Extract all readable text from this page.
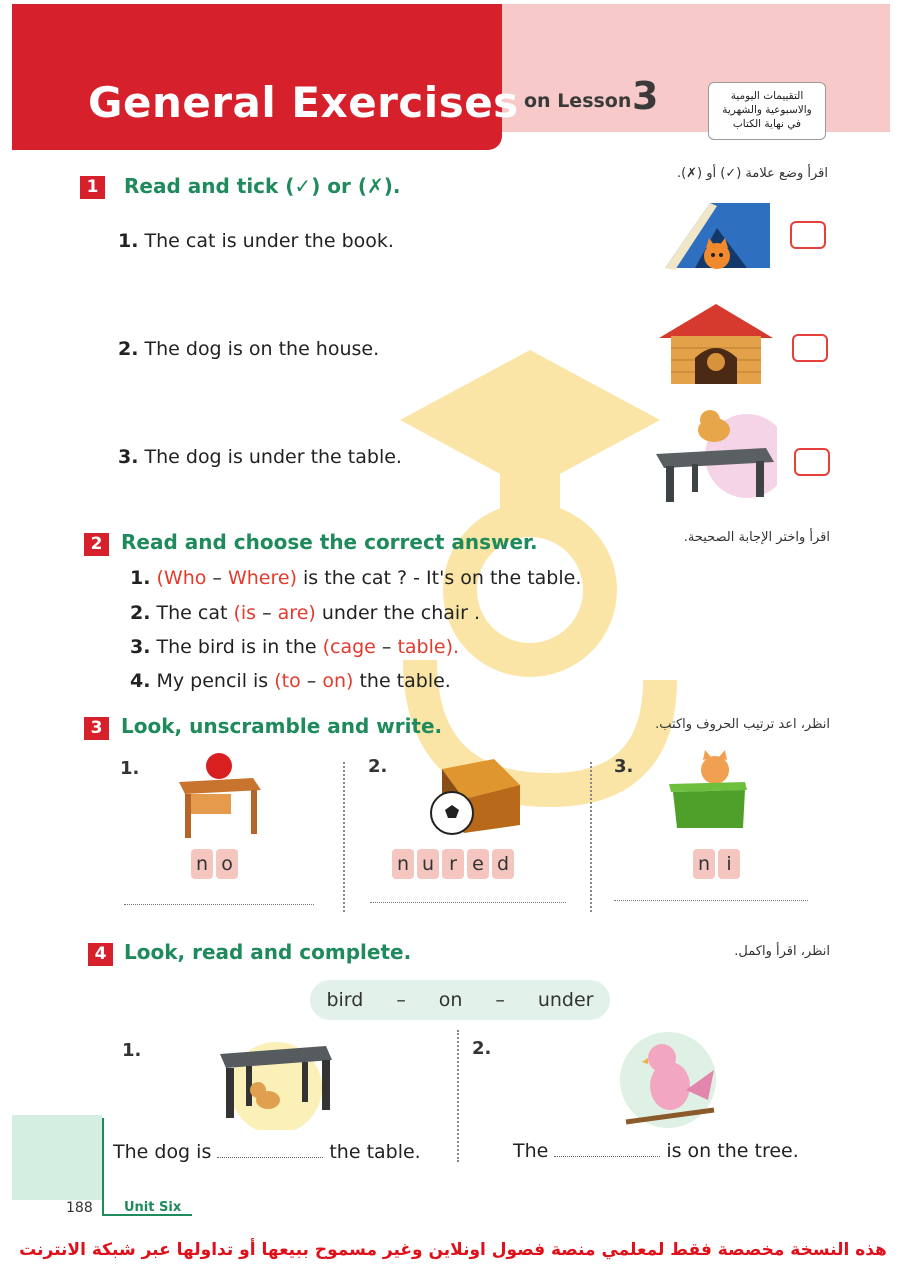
General Exercises on Lesson 3	التقييمات اليومية
والاسبوعية والشهرية
في نهاية الكتاب
1	Read and tick (✓) or (✗).
اقرأ وضع علامة (✓) أو (✗).
1. The cat is under the book.
2. The dog is on the house.
3. The dog is under the table.
2 Read and choose the correct answer.	اقرأ واختر الإجابة الصحيحة.
1. (Who – Where) is the cat ? - It's on the table.
2. The cat (is – are) under the chair .
3. The bird is in the (cage – table).
4. My pencil is (to – on) the table.
3 Look, unscramble and write.	انظر، اعد ترتيب الحروف واكتب.
1.	2.	3.
n o	n u r e d	n i
4 Look, read and complete.	انظر، اقرأ واكمل.
bird – on – under
1.	2.
The dog is	the table.	The	is on the tree.
188 Unit Six
هذه النسخة مخصصة فقط لمعلمي منصة فصول اونلاين وغير مسموح ببيعها أو تداولها عبر شبكة الانترنت
